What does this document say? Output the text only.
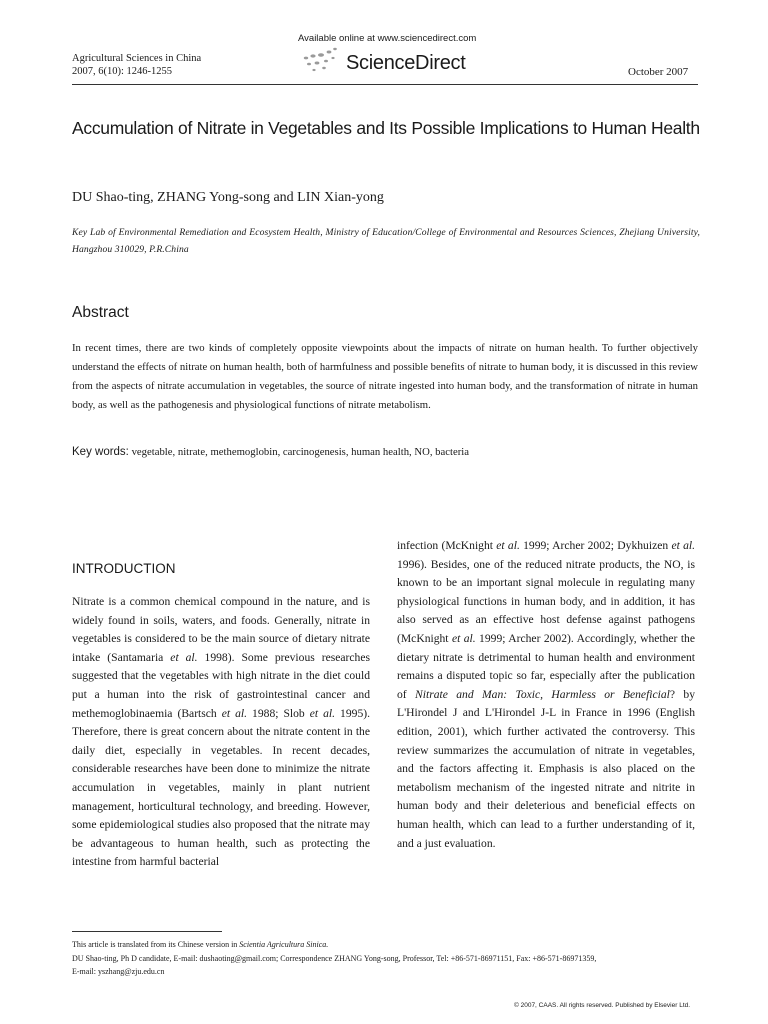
Agricultural Sciences in China
2007, 6(10): 1246-1255
Available online at www.sciencedirect.com
ScienceDirect	October 2007
Accumulation of Nitrate in Vegetables and Its Possible Implications to Human Health
DU Shao-ting, ZHANG Yong-song and LIN Xian-yong
Key Lab of Environmental Remediation and Ecosystem Health, Ministry of Education/College of Environmental and Resources Sciences, Zhejiang University, Hangzhou 310029, P.R.China
Abstract

In recent times, there are two kinds of completely opposite viewpoints about the impacts of nitrate on human health. To further objectively understand the effects of nitrate on human health, both of harmfulness and possible benefits of nitrate to human body, it is discussed in this review from the aspects of nitrate accumulation in vegetables, the source of nitrate ingested into human body, and the transformation of nitrate in human body, as well as the pathogenesis and physiological functions of nitrate metabolism.

Key words: vegetable, nitrate, methemoglobin, carcinogenesis, human health, NO, bacteria
INTRODUCTION

Nitrate is a common chemical compound in the nature, and is widely found in soils, waters, and foods. Generally, nitrate in vegetables is considered to be the main source of dietary nitrate intake (Santamaria et al. 1998). Some previous researches suggested that the vegetables with high nitrate in the diet could put a human into the risk of gastrointestinal cancer and methemoglobinaemia (Bartsch et al. 1988; Slob et al. 1995). Therefore, there is great concern about the nitrate content in the daily diet, especially in vegetables. In recent decades, considerable researches have been done to minimize the nitrate accumulation in vegetables, mainly in plant nutrient management, horticultural technology, and breeding. However, some epidemiological studies also proposed that the nitrate may be advantageous to human health, such as protecting the intestine from harmful bacterial

infection (McKnight et al. 1999; Archer 2002; Dykhuizen et al. 1996). Besides, one of the reduced nitrate products, the NO, is known to be an important signal molecule in regulating many physiological functions in human body, and in addition, it has also served as an effective host defense against pathogens (McKnight et al. 1999; Archer 2002). Accordingly, whether the dietary nitrate is detrimental to human health and environment remains a disputed topic so far, especially after the publication of Nitrate and Man: Toxic, Harmless or Beneficial? by L'Hirondel J and L'Hirondel J-L in France in 1996 (English edition, 2001), which further activated the controversy. This review summarizes the accumulation of nitrate in vegetables, and the factors affecting it. Emphasis is also placed on the metabolism mechanism of the ingested nitrate and nitrite in human body and their deleterious and beneficial effects on human health, which can lead to a further understanding of it, and a just evaluation.

This article is translated from its Chinese version in Scientia Agricultura Sinica.
DU Shao-ting, Ph D candidate, E-mail: dushaoting@gmail.com; Correspondence ZHANG Yong-song, Professor, Tel: +86-571-86971151, Fax: +86-571-86971359,
E-mail: yszhang@zju.edu.cn
© 2007, CAAS. All rights reserved. Published by Elsevier Ltd.
